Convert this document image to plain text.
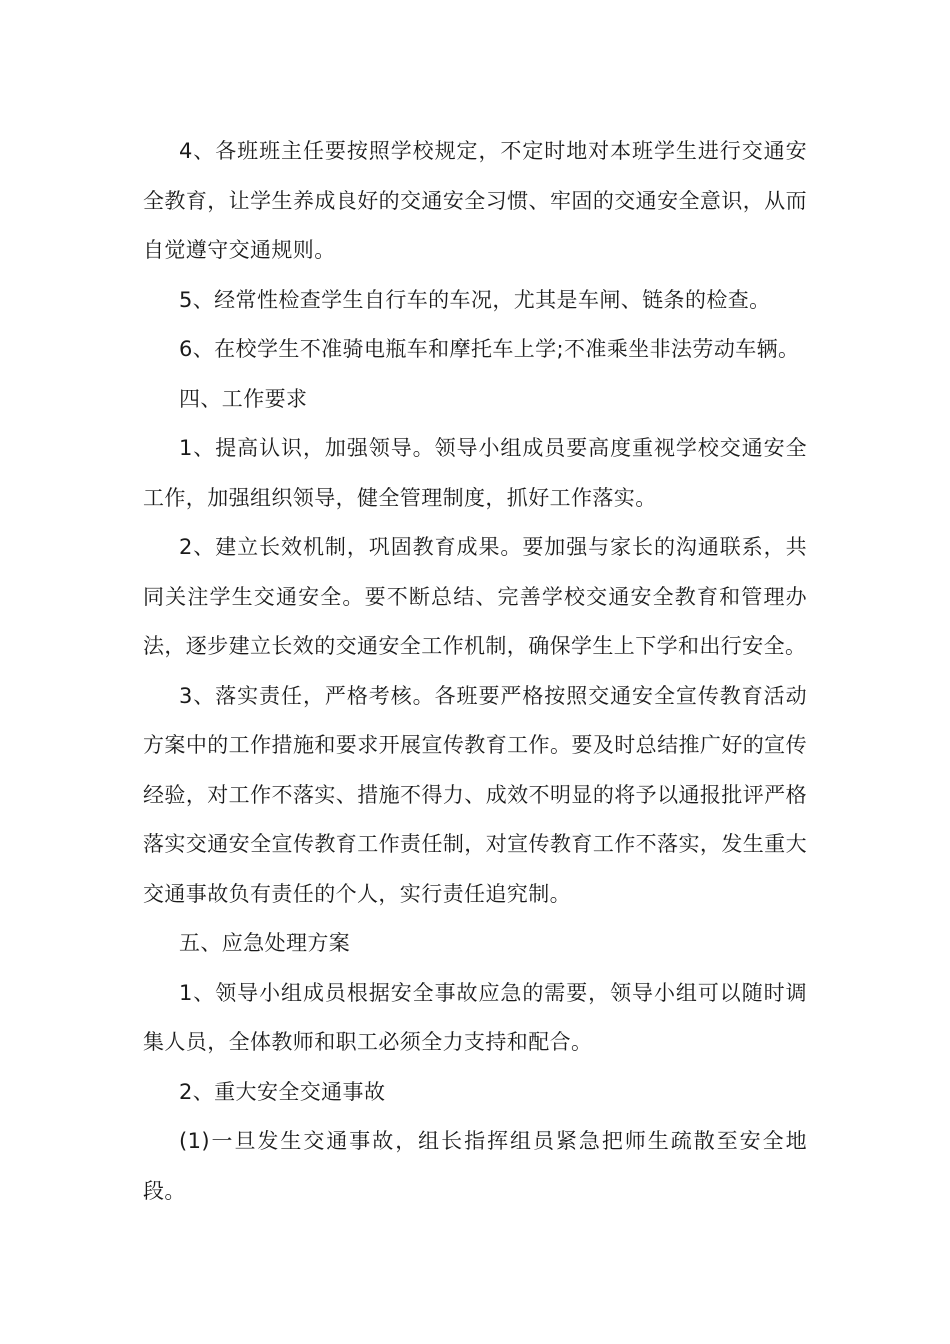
4、各班班主任要按照学校规定，不定时地对本班学生进行交通安全教育，让学生养成良好的交通安全习惯、牢固的交通安全意识，从而自觉遵守交通规则。

5、经常性检查学生自行车的车况，尤其是车闸、链条的检查。

6、在校学生不准骑电瓶车和摩托车上学;不准乘坐非法劳动车辆。

四、工作要求

1、提高认识，加强领导。领导小组成员要高度重视学校交通安全工作，加强组织领导，健全管理制度，抓好工作落实。

2、建立长效机制，巩固教育成果。要加强与家长的沟通联系，共同关注学生交通安全。要不断总结、完善学校交通安全教育和管理办法，逐步建立长效的交通安全工作机制，确保学生上下学和出行安全。

3、落实责任，严格考核。各班要严格按照交通安全宣传教育活动方案中的工作措施和要求开展宣传教育工作。要及时总结推广好的宣传经验，对工作不落实、措施不得力、成效不明显的将予以通报批评严格落实交通安全宣传教育工作责任制，对宣传教育工作不落实，发生重大交通事故负有责任的个人，实行责任追究制。

五、应急处理方案

1、领导小组成员根据安全事故应急的需要，领导小组可以随时调集人员，全体教师和职工必须全力支持和配合。

2、重大安全交通事故

(1)一旦发生交通事故，组长指挥组员紧急把师生疏散至安全地段。
